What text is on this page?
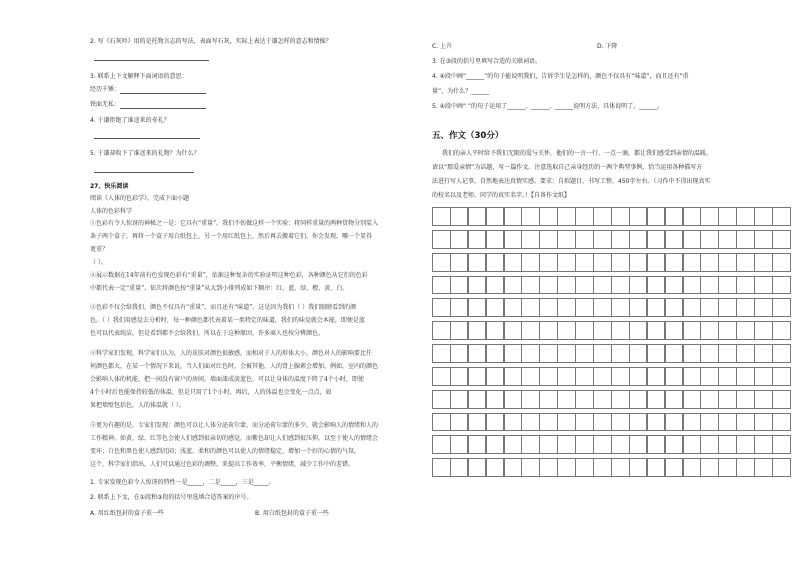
2. 写《石灰吟》用的是托物言志的写法，表面写石灰，实际上表达于谦怎样的意志和情操？
3. 联系上下文解释下面词语的意思：
经历千锤：
铁面无私：
4. 于谦拒绝了谁送来的寿礼？
5. 于谦却收下了谁送来的礼物？为什么？
27、快乐阅读
阅读《人体的色彩学》，完成下面小题
人体的色彩科学
①色彩有令人惊讶的神秘之一是：它具有“重量”。我们不妨做这样一个实验：将同样重量的两种货物分别装入
条子两个盒子，再将一个盒子用白纸包上，另一个用红纸包上，然后再去搬着它们，你会发现，哪一个显得
更重？
（ ）。
②展示数据在14年前有色发现色彩有“重量”，依据这种复杂的实验证明这种色彩，各种颜色从它们的色彩
中都代表一定“重量”。依次将颜色按“重量”从大到小排列成如下顺序：红、蓝、绿、橙、黄、白。
③色彩不仅会给我们，颜色不仅具有“重量”，而且还有“味道”。这是因为我们（ ）我们眼睛看到的颜
色。（ ）我们用感觉去分析时，每一种颜色都代表着某一类特定的味道，我们的味觉就会本能，即便是蓝
色可以代表纯洁，但是看到都不会给我们，所以在于这种原因，许多商人也按分辨颜色。
④科学家们发现，科学家们认为，人的皮肤对颜色很敏感，而相对于人的形体大小，颜色对人的影响要比任
何颜色都大，在某一个情况下来说，当人们面对红色时，会被其他，人的肾上腺素会增加，例如，室内的颜色
会影响人体的机能，把一间没有窗户的房间，墙面漆成淡蓝色，可以让身体的温度下降了4个小时，即使
4个小时后也能保持较低的体温，但是只用了1个小时，再后，人的体温也会变化一点点，如
果把墙壁包括色，人的体温就（ ）。
⑤更为有趣的是，专家们发现：颜色可以让人体分泌荷尔蒙，而分泌荷尔蒙的多少，就会影响人的情绪和人的
工作精神。如黄、绿、红等色会使人们感到很亲切的感觉，而紫色却让人们感到很压抑，以至于使人的情绪会
变坏；白色和黑色使人感到沉闷；浅蓝、柔和的颜色可以使人的情绪稳定，增加一个好的心情的气氛。
这个，科学家们指出，人们可以通过色彩的调整，来提高工作效率，平衡情绪，减少工作中的差错。
1. 专家发现色彩令人惊讶的特性一是_____，二是_____，三是_____。
2. 联系上下文，在①段和③段的括号里选填合适答案的序号。
A. 用红纸包封的盒子重一些	B. 用白纸包封的盒子重一些
C. 上升	D. 下降
3. 在③段的括号里填写合适的关联词语。
4. ④段中画“______”的句子能说明我们，告诉学生是怎样的，颜色不仅具有“味道”，而且还有“重
量”，为什么？______
5. ④段中画“ ”的句子运用了______、______、______说明方法，具体说明了，______。
五、作文（30分）
我们的亲人平时给予我们无限的爱与关怀，他们的一言一行、一点一滴，都让我们感受到亲情的温暖。
请以“那爱亲情”为话题，写一篇作文。注意选取自己亲身经历的一两个典型事例，恰当运用各种描写方
法进行写人记事，自然地表达真情实感。要求：自拟题目，书写工整，450字左右。（习作中不得出现真实
的校名以及老师、同学的真实名字。）【自备作文纸】
